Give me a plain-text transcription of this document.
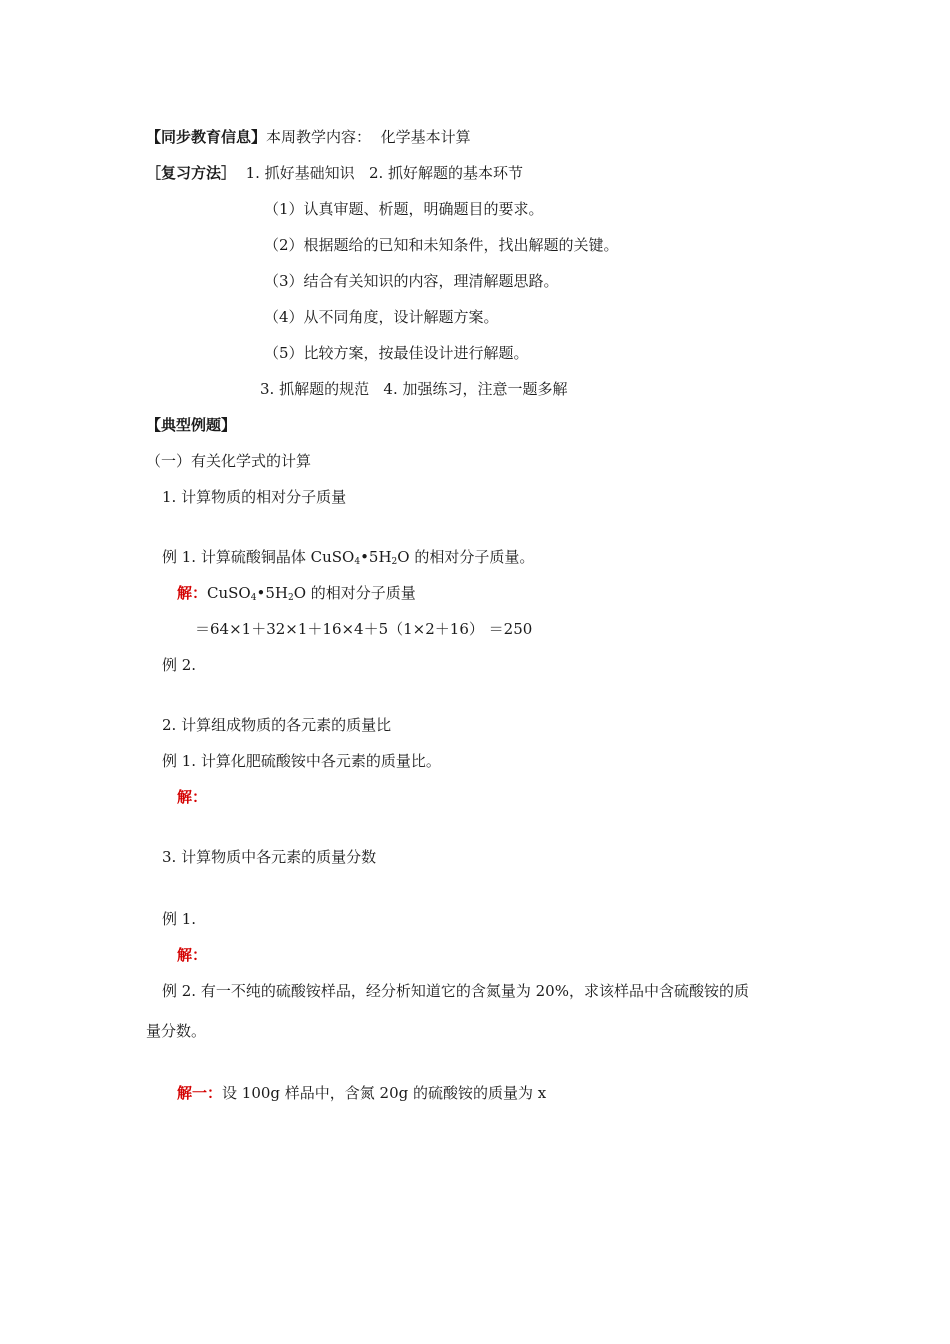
【同步教育信息】本周教学内容： 化学基本计算
［复习方法］ 1. 抓好基础知识 2. 抓好解题的基本环节
（1）认真审题、析题，明确题目的要求。
（2）根据题给的已知和未知条件，找出解题的关键。
（3）结合有关知识的内容，理清解题思路。
（4）从不同角度，设计解题方案。
（5）比较方案，按最佳设计进行解题。
3. 抓解题的规范 4. 加强练习，注意一题多解
【典型例题】
（一）有关化学式的计算
1. 计算物质的相对分子质量
例 1. 计算硫酸铜晶体 $CuSO_4•5H_2O$ 的相对分子质量。
解：$CuSO_4•5H_2O$ 的相对分子质量
＝64×1＋32×1＋16×4＋5（1×2＋16） ＝250
例 2.
2. 计算组成物质的各元素的质量比
例 1. 计算化肥硫酸铵中各元素的质量比。
解：
3. 计算物质中各元素的质量分数
例 1.
解：
例 2. 有一不纯的硫酸铵样品，经分析知道它的含氮量为 20%，求该样品中含硫酸铵的质
量分数。
解一：设 100g 样品中，含氮 20g 的硫酸铵的质量为 x
